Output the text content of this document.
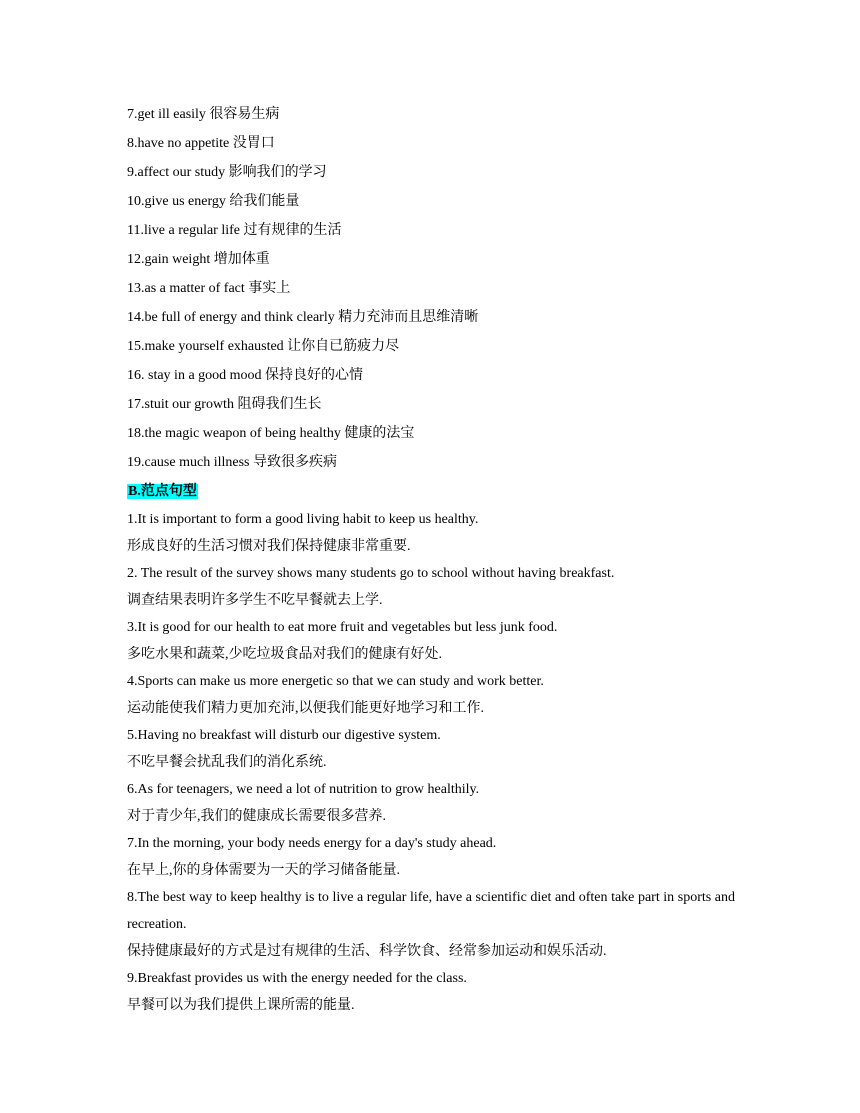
7.get ill easily 很容易生病
8.have no appetite 没胃口
9.affect our study 影响我们的学习
10.give us energy 给我们能量
11.live a regular life 过有规律的生活
12.gain weight 增加体重
13.as a matter of fact 事实上
14.be full of energy and think clearly 精力充沛而且思维清晰
15.make yourself exhausted 让你自已筋疲力尽
16. stay in a good mood 保持良好的心情
17.stuit our growth 阻碍我们生长
18.the magic weapon of being healthy 健康的法宝
19.cause much illness 导致很多疾病
B.范点句型
1.It is important to form a good living habit to keep us healthy.
形成良好的生活习惯对我们保持健康非常重要.
2. The result of the survey shows many students go to school without having breakfast.
调查结果表明许多学生不吃早餐就去上学.
3.It is good for our health to eat more fruit and vegetables but less junk food.
多吃水果和蔬菜,少吃垃圾食品对我们的健康有好处.
4.Sports can make us more energetic so that we can study and work better.
运动能使我们精力更加充沛,以便我们能更好地学习和工作.
5.Having no breakfast will disturb our digestive system.
不吃早餐会扰乱我们的消化系统.
6.As for teenagers, we need a lot of nutrition to grow healthily.
对于青少年,我们的健康成长需要很多营养.
7.In the morning, your body needs energy for a day's study ahead.
在早上,你的身体需要为一天的学习储备能量.
8.The best way to keep healthy is to live a regular life, have a scientific diet and often take part in sports and recreation.
保持健康最好的方式是过有规律的生活、科学饮食、经常参加运动和娱乐活动.
9.Breakfast provides us with the energy needed for the class.
早餐可以为我们提供上课所需的能量.
